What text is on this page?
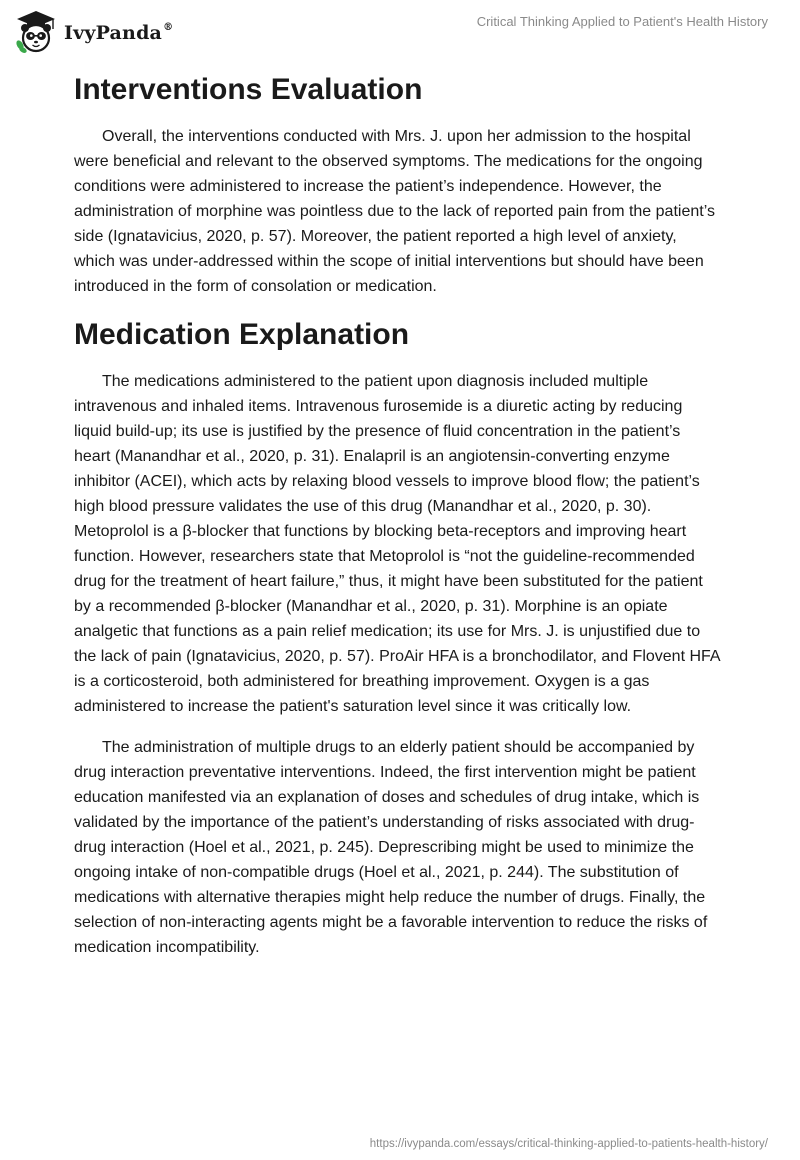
IvyPanda®	Critical Thinking Applied to Patient's Health History
Interventions Evaluation

Overall, the interventions conducted with Mrs. J. upon her admission to the hospital were beneficial and relevant to the observed symptoms. The medications for the ongoing conditions were administered to increase the patient’s independence. However, the administration of morphine was pointless due to the lack of reported pain from the patient’s side (Ignatavicius, 2020, p. 57). Moreover, the patient reported a high level of anxiety, which was under-addressed within the scope of initial interventions but should have been introduced in the form of consolation or medication.

Medication Explanation

The medications administered to the patient upon diagnosis included multiple intravenous and inhaled items. Intravenous furosemide is a diuretic acting by reducing liquid build-up; its use is justified by the presence of fluid concentration in the patient’s heart (Manandhar et al., 2020, p. 31). Enalapril is an angiotensin-converting enzyme inhibitor (ACEI), which acts by relaxing blood vessels to improve blood flow; the patient’s high blood pressure validates the use of this drug (Manandhar et al., 2020, p. 30). Metoprolol is a β-blocker that functions by blocking beta-receptors and improving heart function. However, researchers state that Metoprolol is “not the guideline-recommended drug for the treatment of heart failure,” thus, it might have been substituted for the patient by a recommended β-blocker (Manandhar et al., 2020, p. 31). Morphine is an opiate analgetic that functions as a pain relief medication; its use for Mrs. J. is unjustified due to the lack of pain (Ignatavicius, 2020, p. 57). ProAir HFA is a bronchodilator, and Flovent HFA is a corticosteroid, both administered for breathing improvement. Oxygen is a gas administered to increase the patient's saturation level since it was critically low.

The administration of multiple drugs to an elderly patient should be accompanied by drug interaction preventative interventions. Indeed, the first intervention might be patient education manifested via an explanation of doses and schedules of drug intake, which is validated by the importance of the patient’s understanding of risks associated with drug-drug interaction (Hoel et al., 2021, p. 245). Deprescribing might be used to minimize the ongoing intake of non-compatible drugs (Hoel et al., 2021, p. 244). The substitution of medications with alternative therapies might help reduce the number of drugs. Finally, the selection of non-interacting agents might be a favorable intervention to reduce the risks of medication incompatibility.

https://ivypanda.com/essays/critical-thinking-applied-to-patients-health-history/
